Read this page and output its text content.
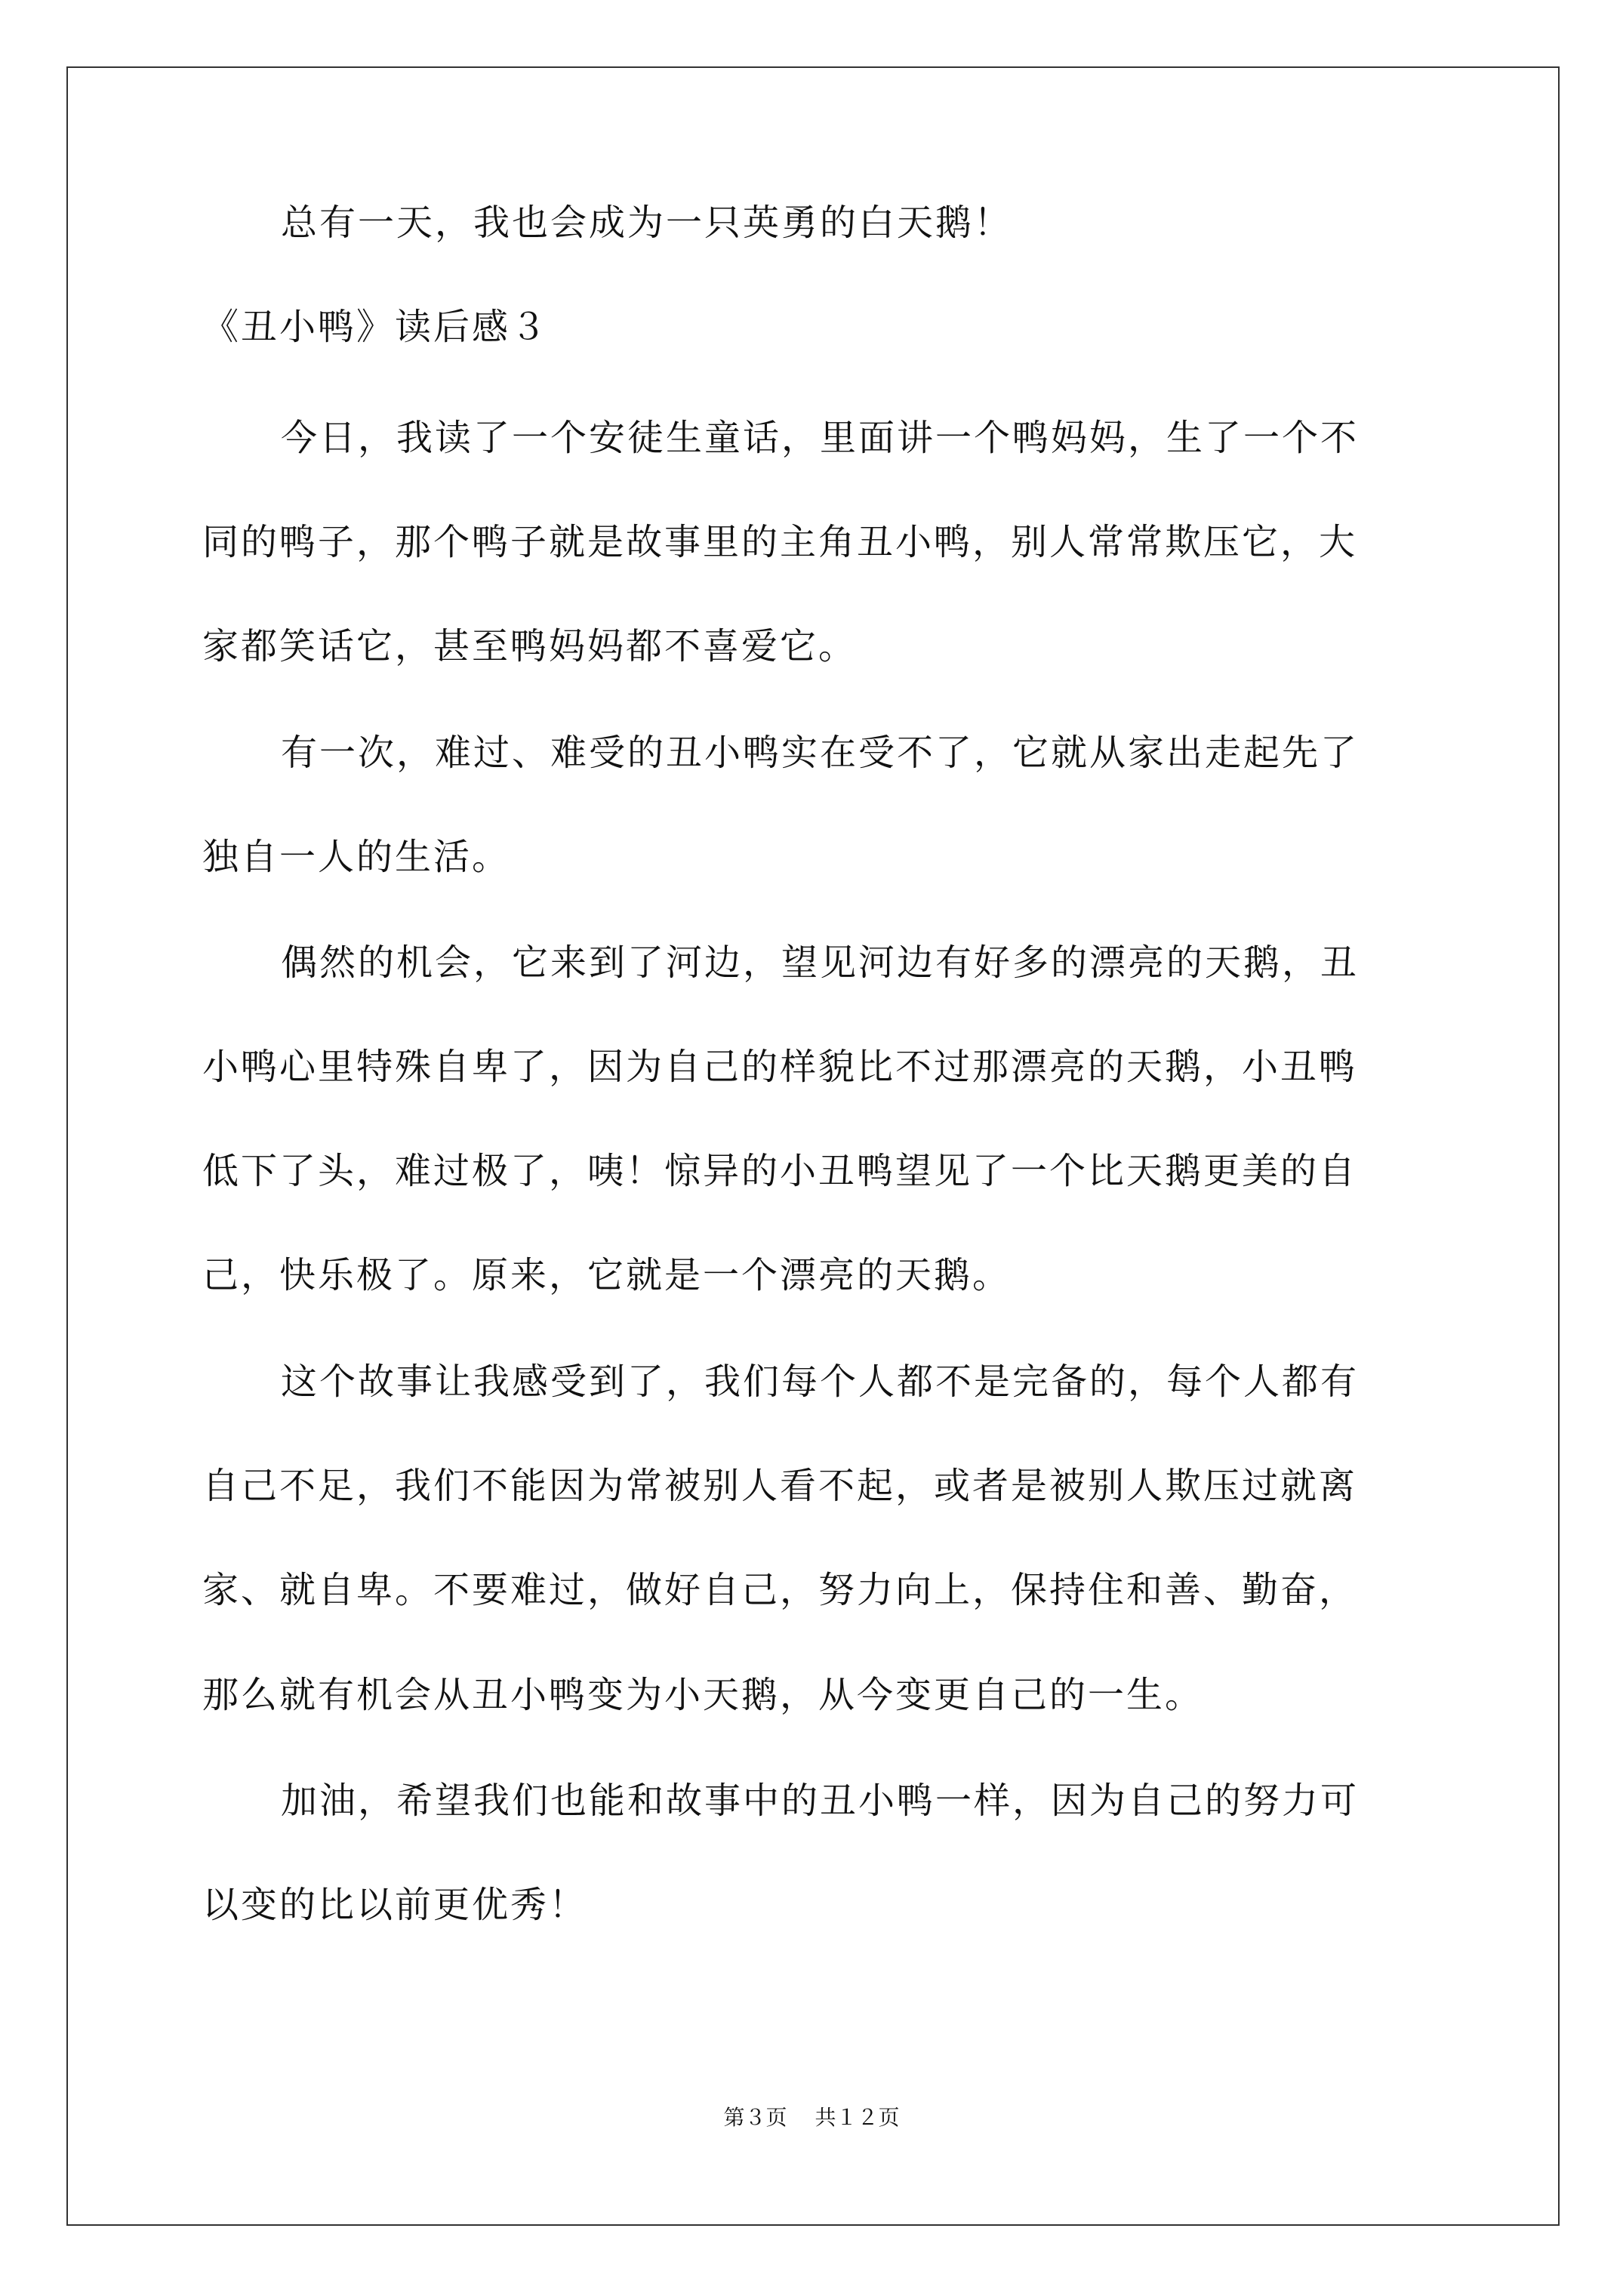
总有一天，我也会成为一只英勇的白天鹅！
《丑小鸭》读后感３
今日，我读了一个安徒生童话，里面讲一个鸭妈妈，生了一个不
同的鸭子，那个鸭子就是故事里的主角丑小鸭，别人常常欺压它，大
家都笑话它，甚至鸭妈妈都不喜爱它。
有一次，难过、难受的丑小鸭实在受不了，它就从家出走起先了
独自一人的生活。
偶然的机会，它来到了河边，望见河边有好多的漂亮的天鹅，丑
小鸭心里特殊自卑了，因为自己的样貌比不过那漂亮的天鹅，小丑鸭
低下了头，难过极了，咦！惊异的小丑鸭望见了一个比天鹅更美的自
己，快乐极了。原来，它就是一个漂亮的天鹅。
这个故事让我感受到了，我们每个人都不是完备的，每个人都有
自己不足，我们不能因为常被别人看不起，或者是被别人欺压过就离
家、就自卑。不要难过，做好自己，努力向上，保持住和善、勤奋，
那么就有机会从丑小鸭变为小天鹅，从今变更自己的一生。
加油，希望我们也能和故事中的丑小鸭一样，因为自己的努力可
以变的比以前更优秀！
第３页 共１２页
